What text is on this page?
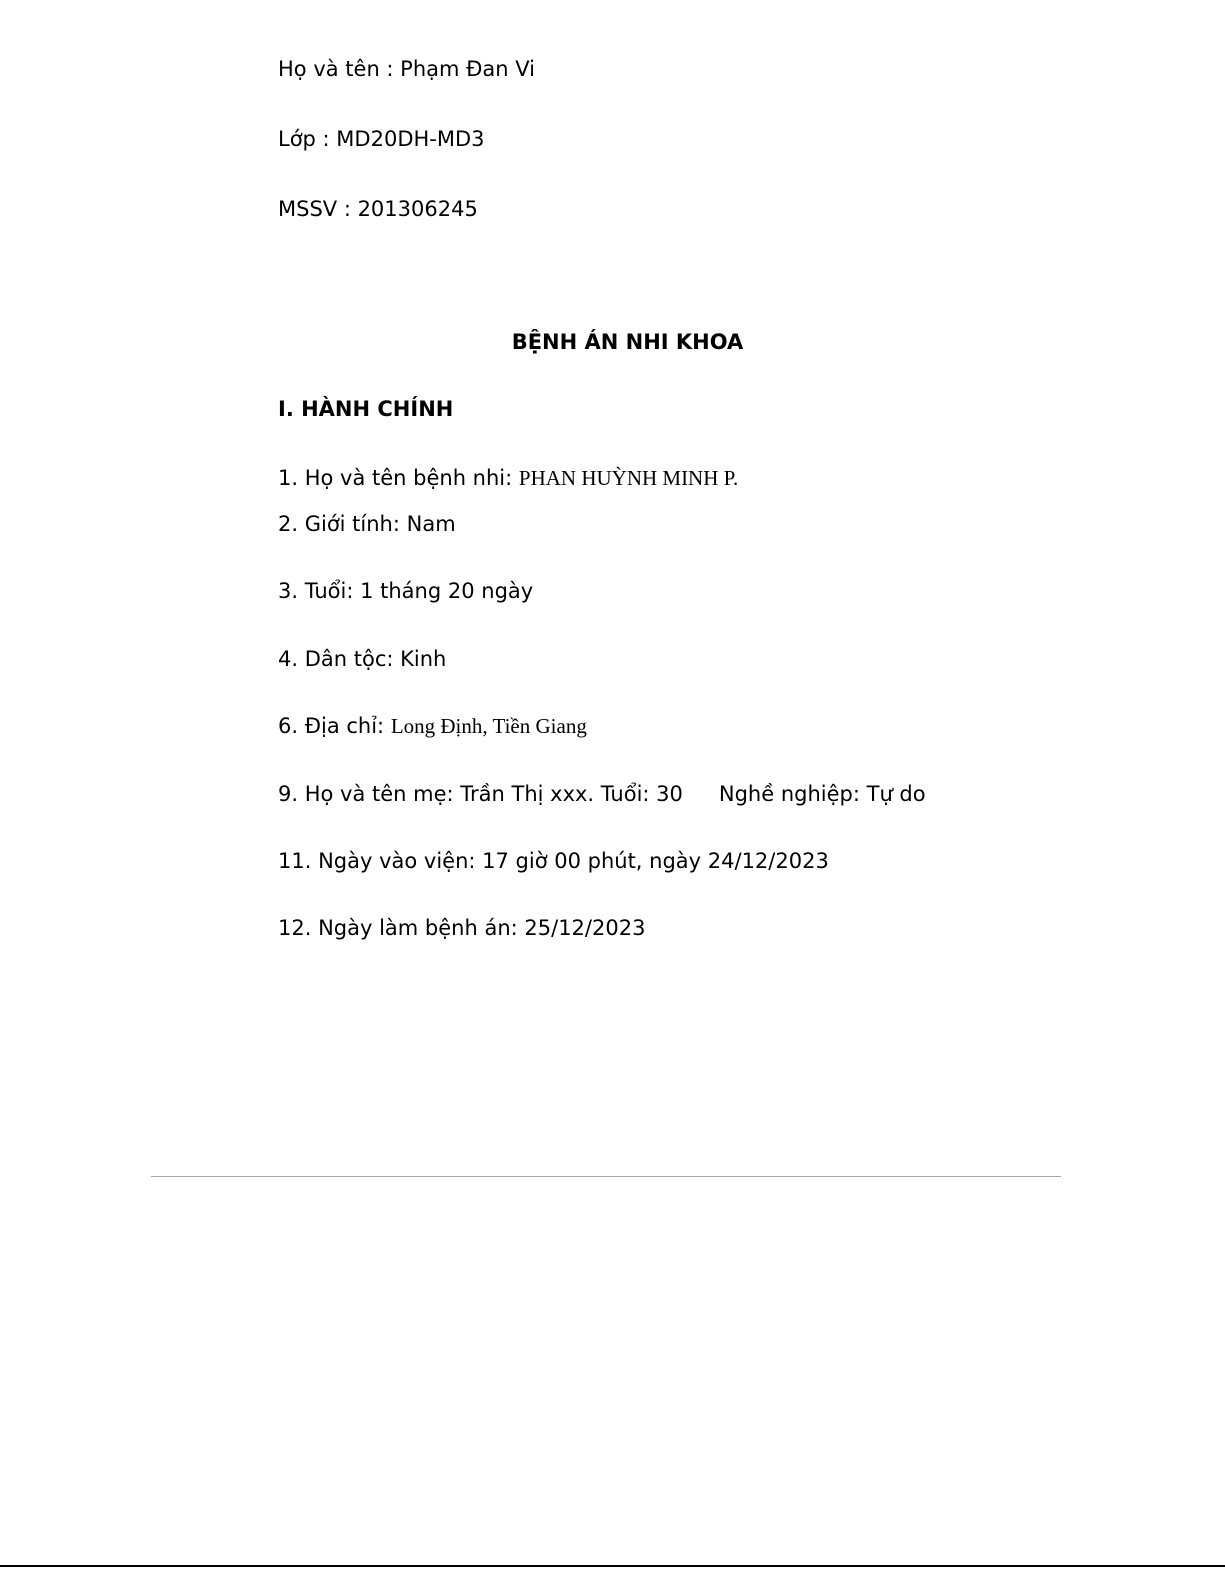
Họ và tên : Phạm Đan Vi
Lớp : MD20DH-MD3
MSSV : 201306245
BỆNH ÁN NHI KHOA
I. HÀNH CHÍNH
1. Họ và tên bệnh nhi: PHAN HUỲNH MINH P.
2. Giới tính: Nam
3. Tuổi: 1 tháng 20 ngày
4. Dân tộc: Kinh
6. Địa chỉ: Long Định, Tiền Giang
9. Họ và tên mẹ: Trần Thị xxx. Tuổi: 30 Nghề nghiệp: Tự do
11. Ngày vào viện: 17 giờ 00 phút, ngày 24/12/2023
12. Ngày làm bệnh án: 25/12/2023
